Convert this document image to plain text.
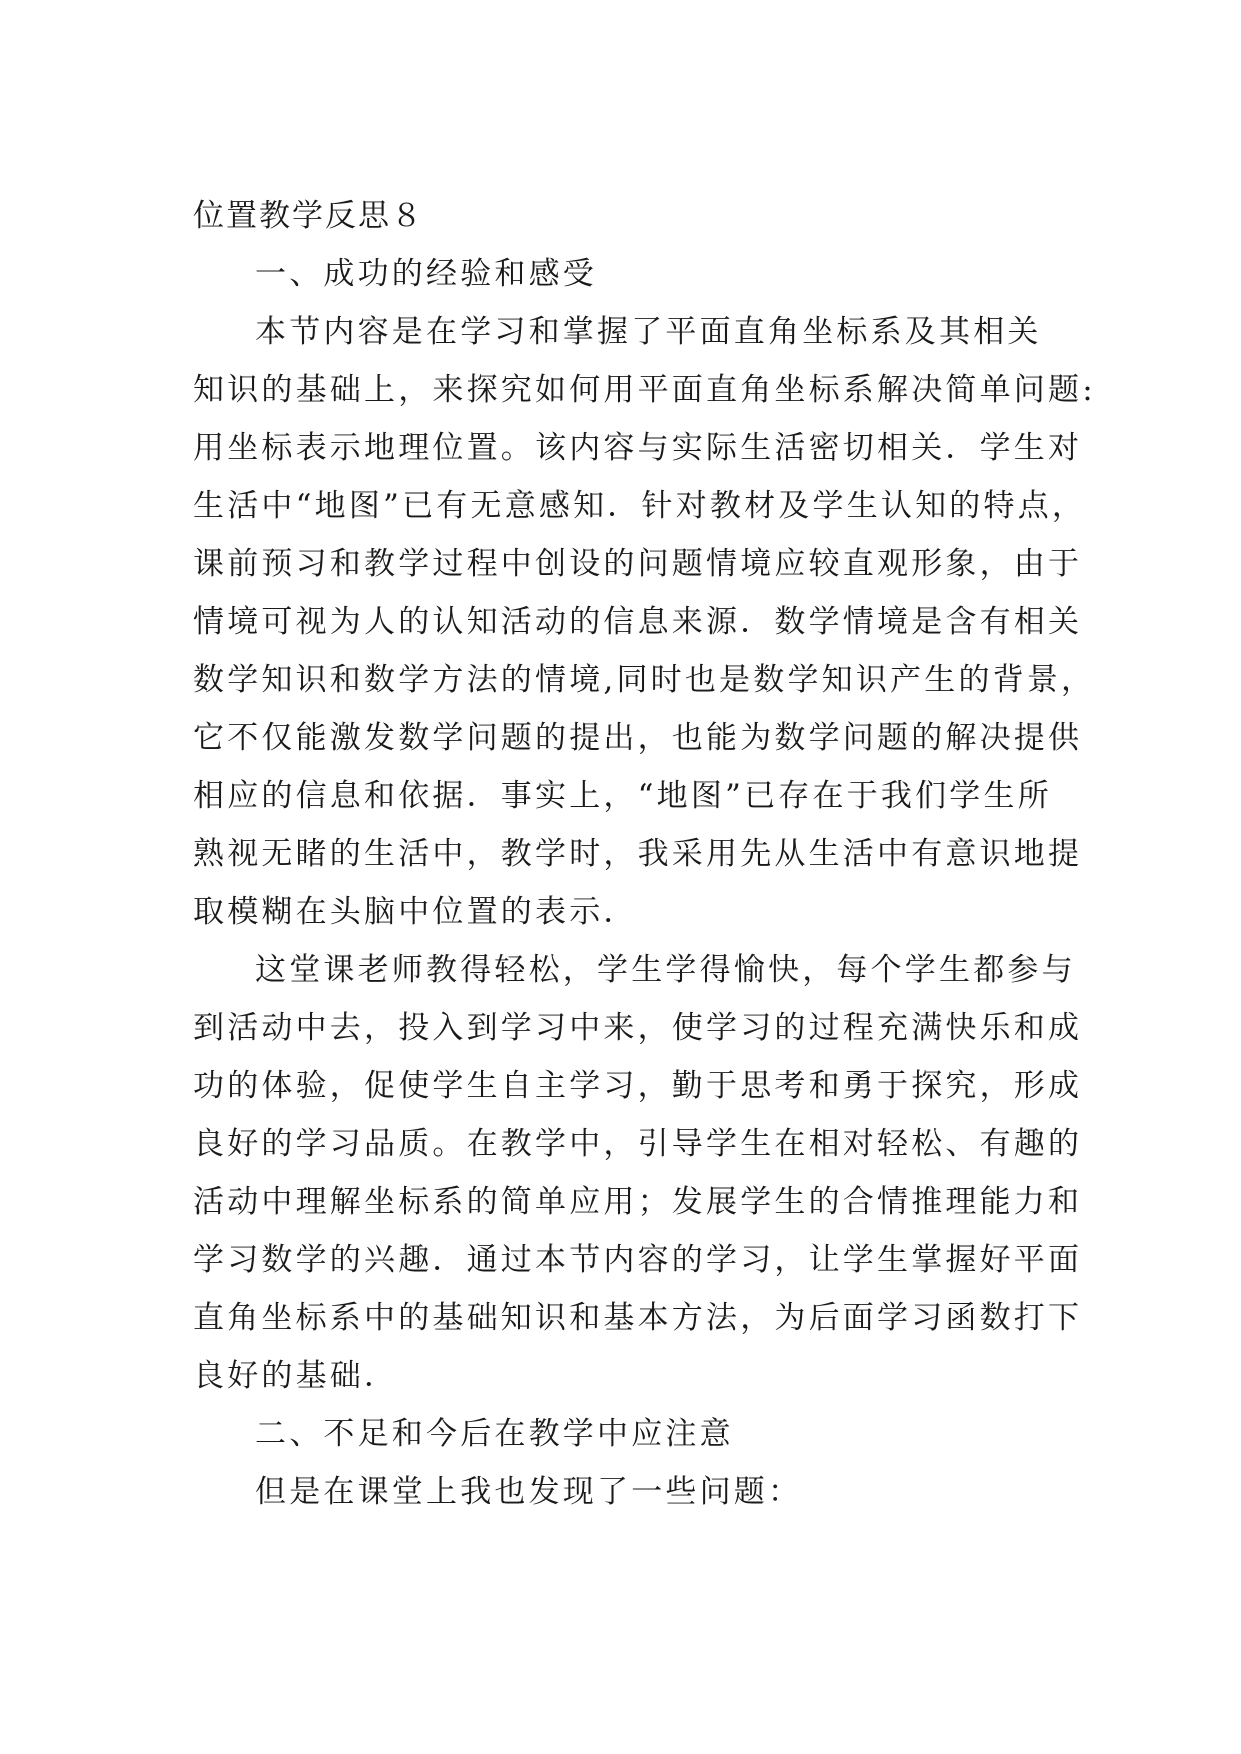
位置教学反思８
一、成功的经验和感受
本节内容是在学习和掌握了平面直角坐标系及其相关
知识的基础上，来探究如何用平面直角坐标系解决简单问题:
用坐标表示地理位置。该内容与实际生活密切相关．学生对
生活中“地图”已有无意感知．针对教材及学生认知的特点，
课前预习和教学过程中创设的问题情境应较直观形象，由于
情境可视为人的认知活动的信息来源．数学情境是含有相关
数学知识和数学方法的情境,同时也是数学知识产生的背景，
它不仅能激发数学问题的提出，也能为数学问题的解决提供
相应的信息和依据．事实上，“地图”已存在于我们学生所
熟视无睹的生活中，教学时，我采用先从生活中有意识地提
取模糊在头脑中位置的表示．
这堂课老师教得轻松，学生学得愉快，每个学生都参与
到活动中去，投入到学习中来，使学习的过程充满快乐和成
功的体验，促使学生自主学习，勤于思考和勇于探究，形成
良好的学习品质。在教学中，引导学生在相对轻松、有趣的
活动中理解坐标系的简单应用；发展学生的合情推理能力和
学习数学的兴趣．通过本节内容的学习，让学生掌握好平面
直角坐标系中的基础知识和基本方法，为后面学习函数打下
良好的基础．
二、不足和今后在教学中应注意
但是在课堂上我也发现了一些问题：
